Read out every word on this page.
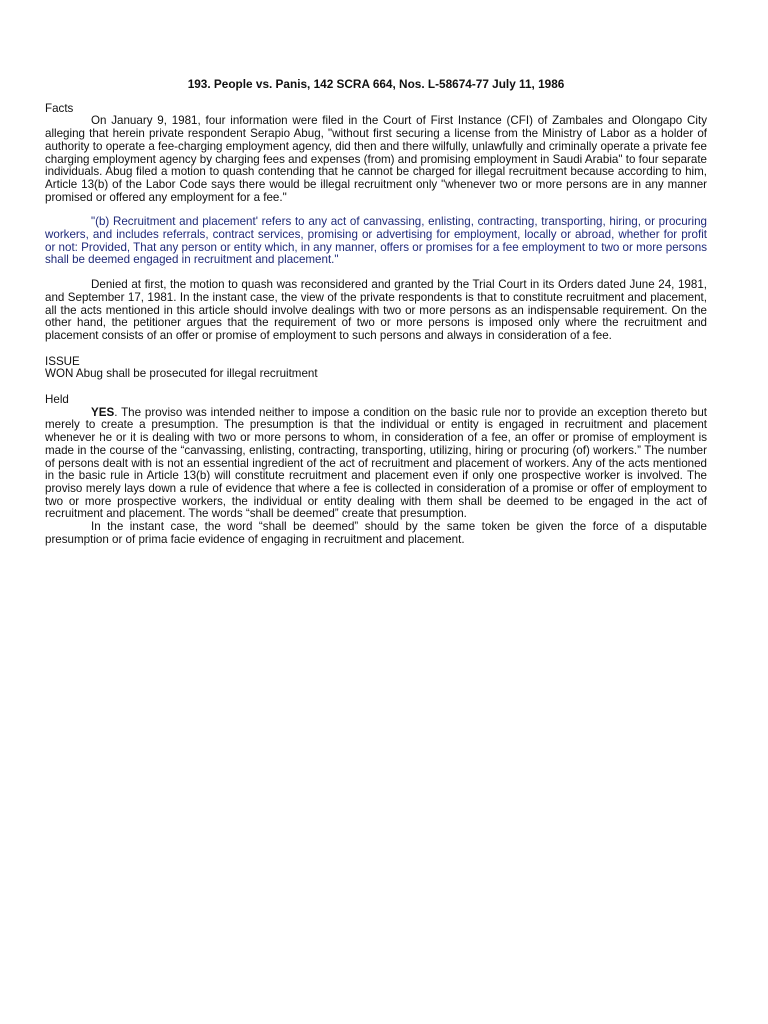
193. People vs. Panis, 142 SCRA 664, Nos. L-58674-77 July 11, 1986

Facts

On January 9, 1981, four information were filed in the Court of First Instance (CFI) of Zambales and Olongapo City alleging that herein private respondent Serapio Abug, "without first securing a license from the Ministry of Labor as a holder of authority to operate a fee-charging employment agency, did then and there wilfully, unlawfully and criminally operate a private fee charging employment agency by charging fees and expenses (from) and promising employment in Saudi Arabia" to four separate individuals. Abug filed a motion to quash contending that he cannot be charged for illegal recruitment because according to him, Article 13(b) of the Labor Code says there would be illegal recruitment only "whenever two or more persons are in any manner promised or offered any employment for a fee."

"(b) Recruitment and placement' refers to any act of canvassing, enlisting, contracting, transporting, hiring, or procuring workers, and includes referrals, contract services, promising or advertising for employment, locally or abroad, whether for profit or not: Provided, That any person or entity which, in any manner, offers or promises for a fee employment to two or more persons shall be deemed engaged in recruitment and placement."

Denied at first, the motion to quash was reconsidered and granted by the Trial Court in its Orders dated June 24, 1981, and September 17, 1981. In the instant case, the view of the private respondents is that to constitute recruitment and placement, all the acts mentioned in this article should involve dealings with two or more persons as an indispensable requirement. On the other hand, the petitioner argues that the requirement of two or more persons is imposed only where the recruitment and placement consists of an offer or promise of employment to such persons and always in consideration of a fee.

ISSUE

WON Abug shall be prosecuted for illegal recruitment

Held

YES. The proviso was intended neither to impose a condition on the basic rule nor to provide an exception thereto but merely to create a presumption. The presumption is that the individual or entity is engaged in recruitment and placement whenever he or it is dealing with two or more persons to whom, in consideration of a fee, an offer or promise of employment is made in the course of the “canvassing, enlisting, contracting, transporting, utilizing, hiring or procuring (of) workers.” The number of persons dealt with is not an essential ingredient of the act of recruitment and placement of workers. Any of the acts mentioned in the basic rule in Article 13(b) will constitute recruitment and placement even if only one prospective worker is involved. The proviso merely lays down a rule of evidence that where a fee is collected in consideration of a promise or offer of employment to two or more prospective workers, the individual or entity dealing with them shall be deemed to be engaged in the act of recruitment and placement. The words “shall be deemed” create that presumption.

In the instant case, the word “shall be deemed” should by the same token be given the force of a disputable presumption or of prima facie evidence of engaging in recruitment and placement.
